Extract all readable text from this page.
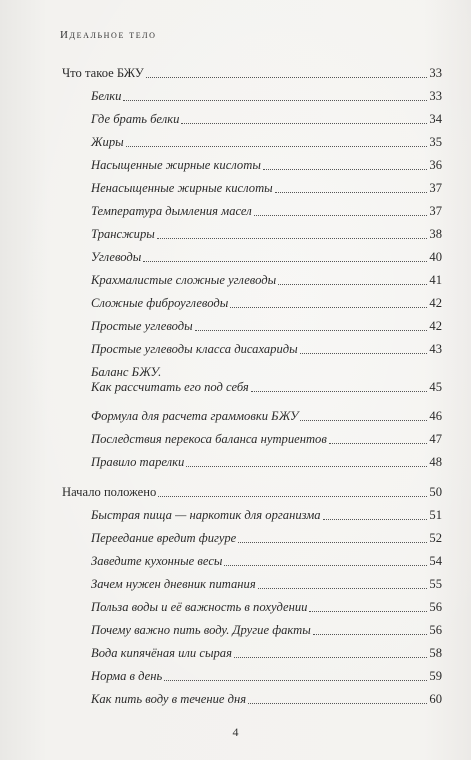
Идеальное тело
Что такое БЖУ	33
Белки	33
Где брать белки	34
Жиры	35
Насыщенные жирные кислоты	36
Ненасыщенные жирные кислоты	37
Температура дымления масел	37
Трансжиры	38
Углеводы	40
Крахмалистые сложные углеводы	41
Сложные фиброуглеводы	42
Простые углеводы	42
Простые углеводы класса дисахариды	43
Баланс БЖУ.
Как рассчитать его под себя	45
Формула для расчета граммовки БЖУ	46
Последствия перекоса баланса нутриентов	47
Правило тарелки	48
Начало положено	50
Быстрая пища — наркотик для организма	51
Переедание вредит фигуре	52
Заведите кухонные весы	54
Зачем нужен дневник питания	55
Польза воды и её важность в похудении	56
Почему важно пить воду. Другие факты	56
Вода кипячёная или сырая	58
Норма в день	59
Как пить воду в течение дня	60
4
